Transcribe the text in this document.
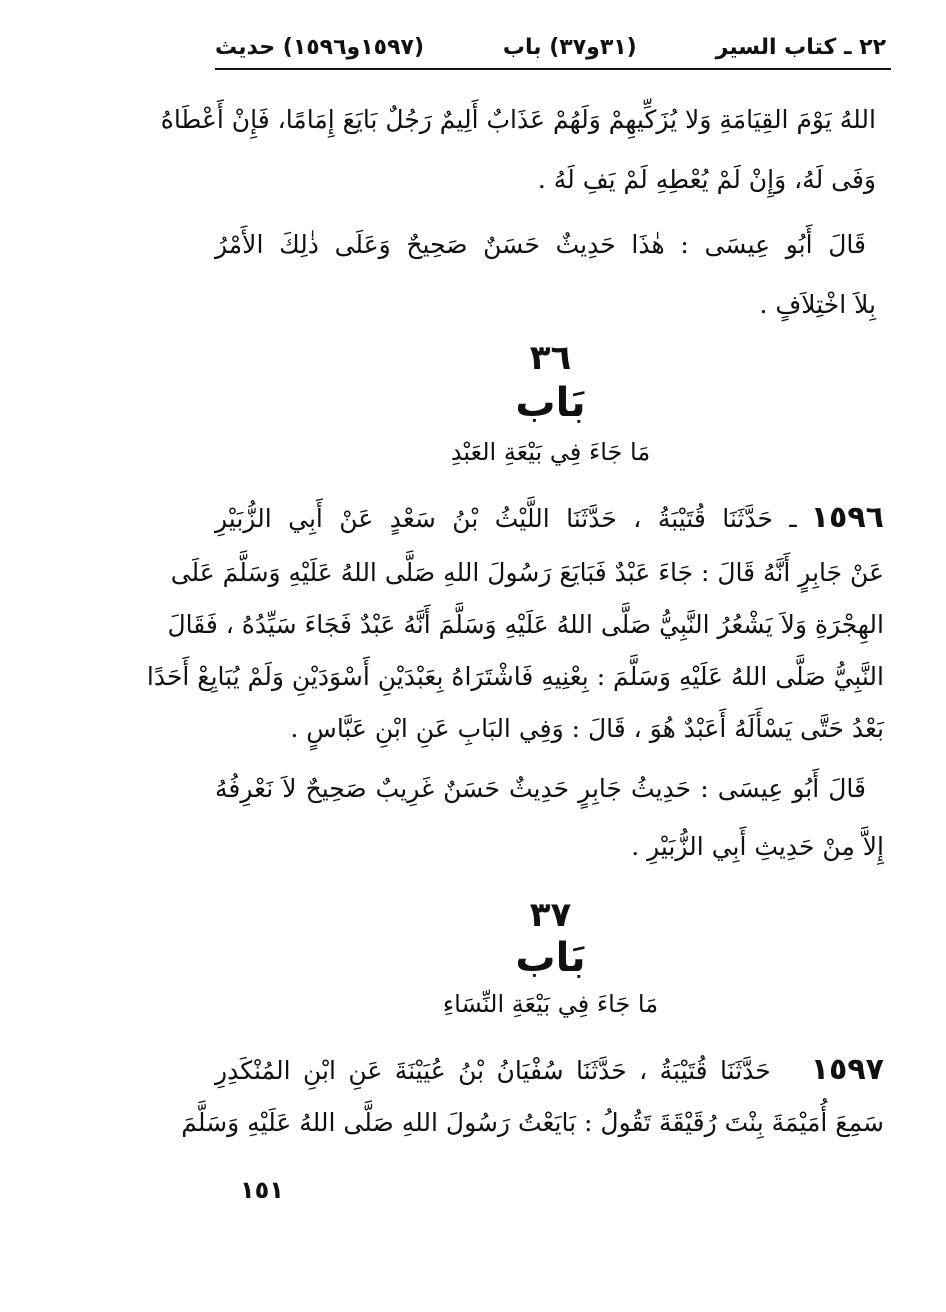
٢٢ ـ كتاب السير
(٣١و٣٧) باب
(١٥٩٧و١٥٩٦) حديث
اللهُ يَوْمَ القِيَامَةِ وَلا يُزَكِّيهِمْ وَلَهُمْ عَذَابٌ أَلِيمٌ رَجُلٌ بَايَعَ إِمَامًا، فَإِنْ أَعْطَاهُ
وَفَى لَهُ، وَإِنْ لَمْ يُعْطِهِ لَمْ يَفِ لَهُ .
قَالَ أَبُو عِيسَى : هٰذَا حَدِيثٌ حَسَنٌ صَحِيحٌ وَعَلَى ذٰلِكَ الأَمْرُ
بِلاَ اخْتِلاَفٍ .
٣٦
بَاب
مَا جَاءَ فِي بَيْعَةِ العَبْدِ
١٥٩٦
ـ حَدَّثَنَا قُتَيْبَةُ ، حَدَّثَنَا اللَّيْثُ بْنُ سَعْدٍ عَنْ أَبِي الزُّبَيْرِ
عَنْ جَابِرٍ أَنَّهُ قَالَ : جَاءَ عَبْدٌ فَبَايَعَ رَسُولَ اللهِ صَلَّى اللهُ عَلَيْهِ وَسَلَّمَ عَلَى
الهِجْرَةِ وَلاَ يَشْعُرُ النَّبِيُّ صَلَّى اللهُ عَلَيْهِ وَسَلَّمَ أَنَّهُ عَبْدٌ فَجَاءَ سَيِّدُهُ ، فَقَالَ
النَّبِيُّ صَلَّى اللهُ عَلَيْهِ وَسَلَّمَ : بِعْنِيهِ فَاشْتَرَاهُ بِعَبْدَيْنِ أَسْوَدَيْنِ وَلَمْ يُبَايِعْ أَحَدًا
بَعْدُ حَتَّى يَسْأَلَهُ أَعَبْدٌ هُوَ ، قَالَ : وَفِي البَابِ عَنِ ابْنِ عَبَّاسٍ .
قَالَ أَبُو عِيسَى : حَدِيثُ جَابِرٍ حَدِيثٌ حَسَنٌ غَرِيبٌ صَحِيحٌ لاَ نَعْرِفُهُ
إِلاَّ مِنْ حَدِيثِ أَبِي الزُّبَيْرِ .
٣٧
بَاب
مَا جَاءَ فِي بَيْعَةِ النِّسَاءِ
١٥٩٧
حَدَّثَنَا قُتَيْبَةُ ، حَدَّثَنَا سُفْيَانُ بْنُ عُيَيْنَةَ عَنِ ابْنِ المُنْكَدِرِ
سَمِعَ أُمَيْمَةَ بِنْتَ رُقَيْقَةَ تَقُولُ : بَايَعْتُ رَسُولَ اللهِ صَلَّى اللهُ عَلَيْهِ وَسَلَّمَ
١٥١
